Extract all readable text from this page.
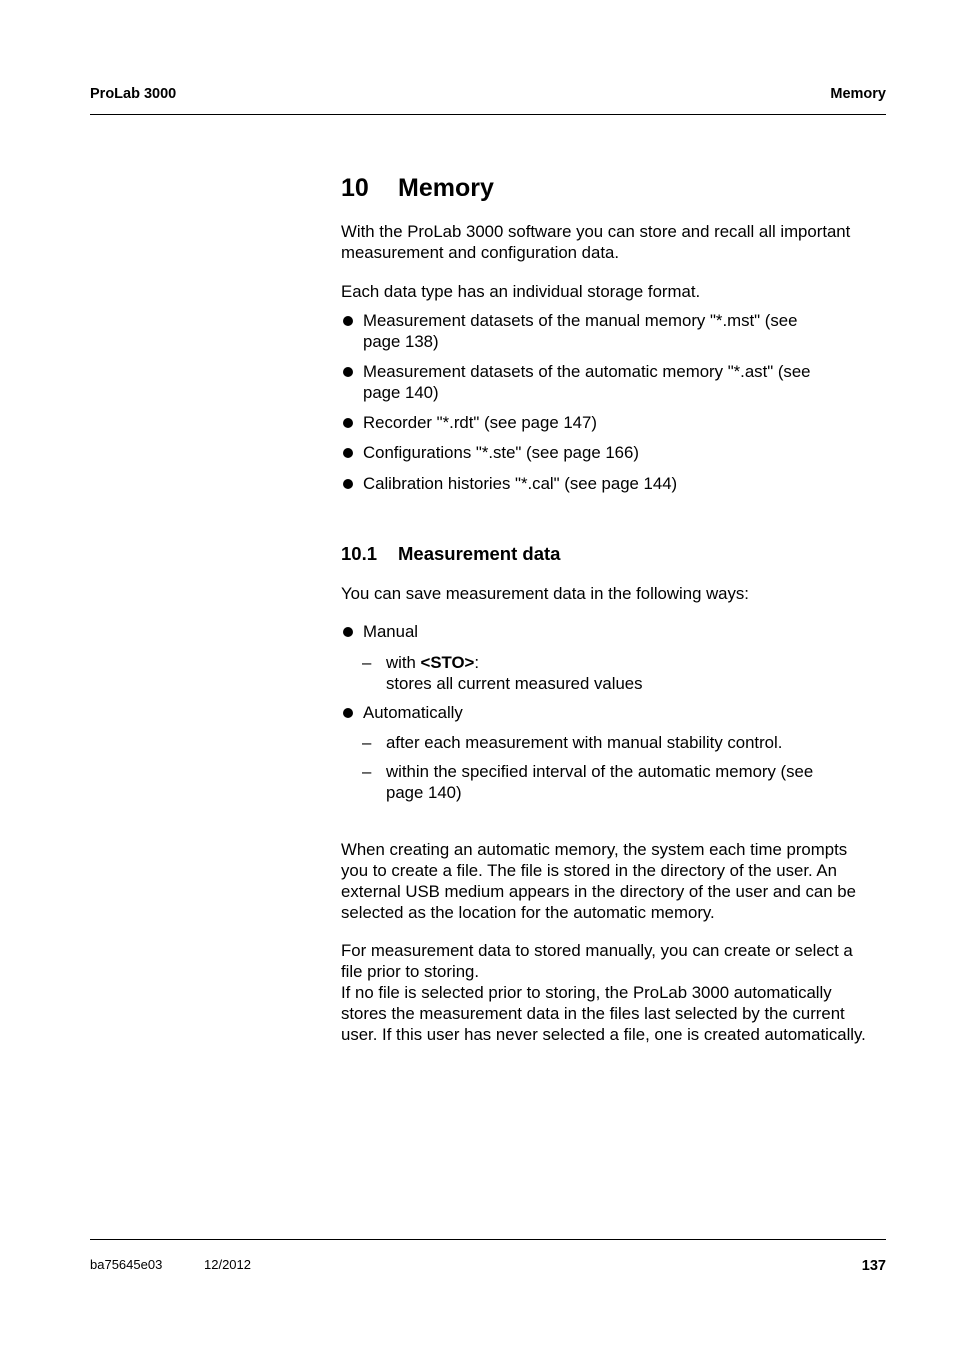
ProLab 3000	Memory
10 Memory
With the ProLab 3000 software you can store and recall all important
measurement and configuration data.
Each data type has an individual storage format.
Measurement datasets of the manual memory "*.mst" (see
page 138)
Measurement datasets of the automatic memory "*.ast" (see
page 140)
Recorder "*.rdt" (see page 147)
Configurations "*.ste" (see page 166)
Calibration histories "*.cal" (see page 144)
10.1 Measurement data
You can save measurement data in the following ways:
Manual
– with <STO>:
stores all current measured values
Automatically
– after each measurement with manual stability control.
– within the specified interval of the automatic memory (see
page 140)
When creating an automatic memory, the system each time prompts
you to create a file. The file is stored in the directory of the user. An
external USB medium appears in the directory of the user and can be
selected as the location for the automatic memory.
For measurement data to stored manually, you can create or select a
file prior to storing.
If no file is selected prior to storing, the ProLab 3000 automatically
stores the measurement data in the files last selected by the current
user. If this user has never selected a file, one is created automatically.
ba75645e03	12/2012	137
